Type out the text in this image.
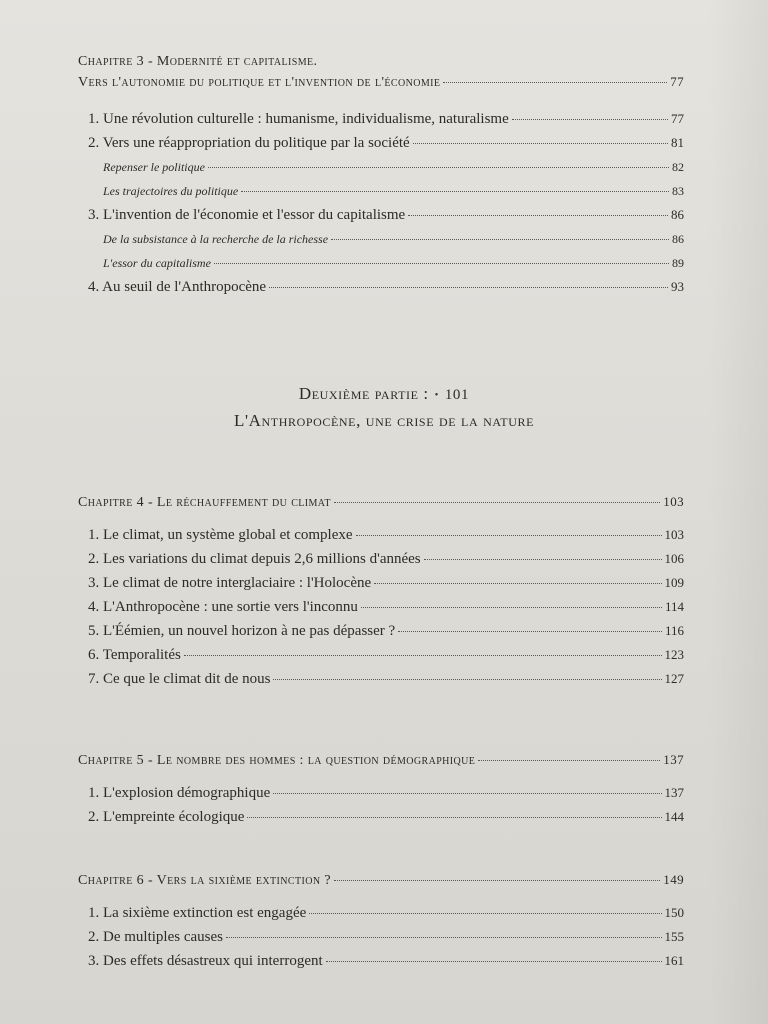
Chapitre 3 - Modernité et capitalisme.
Vers l'autonomie du politique et l'invention de l'économie	77
1. Une révolution culturelle : humanisme, individualisme, naturalisme	77
2. Vers une réappropriation du politique par la société	81
Repenser le politique	82
Les trajectoires du politique	83
3. L'invention de l'économie et l'essor du capitalisme	86
De la subsistance à la recherche de la richesse	86
L'essor du capitalisme	89
4. Au seuil de l'Anthropocène	93
Deuxième partie : • 101
L'Anthropocène, une crise de la nature
Chapitre 4 - Le réchauffement du climat	103
1. Le climat, un système global et complexe	103
2. Les variations du climat depuis 2,6 millions d'années	106
3. Le climat de notre interglaciaire : l'Holocène	109
4. L'Anthropocène : une sortie vers l'inconnu	114
5. L'Éémien, un nouvel horizon à ne pas dépasser ?	116
6. Temporalités	123
7. Ce que le climat dit de nous	127
Chapitre 5 - Le nombre des hommes : la question démographique	137
1. L'explosion démographique	137
2. L'empreinte écologique	144
Chapitre 6 - Vers la sixième extinction ?	149
1. La sixième extinction est engagée	150
2. De multiples causes	155
3. Des effets désastreux qui interrogent	161
